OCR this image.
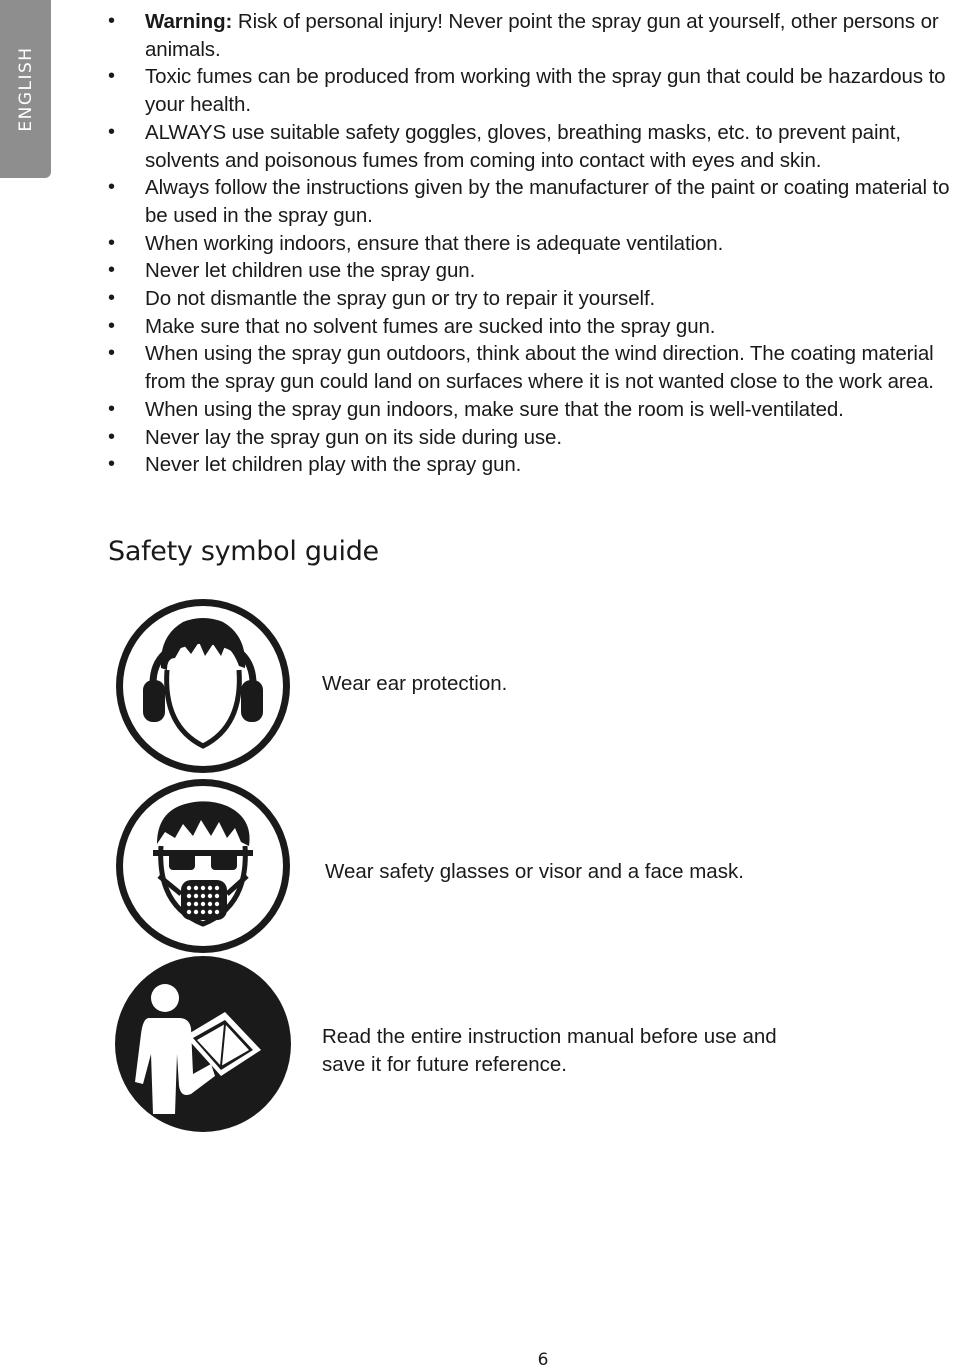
ENGLISH
• Warning: Risk of personal injury! Never point the spray gun at yourself, other persons or animals.
• Toxic fumes can be produced from working with the spray gun that could be hazardous to your health.
• ALWAYS use suitable safety goggles, gloves, breathing masks, etc. to prevent paint, solvents and poisonous fumes from coming into contact with eyes and skin.
• Always follow the instructions given by the manufacturer of the paint or coating material to be used in the spray gun.
• When working indoors, ensure that there is adequate ventilation.
• Never let children use the spray gun.
• Do not dismantle the spray gun or try to repair it yourself.
• Make sure that no solvent fumes are sucked into the spray gun.
• When using the spray gun outdoors, think about the wind direction. The coating material from the spray gun could land on surfaces where it is not wanted close to the work area.
• When using the spray gun indoors, make sure that the room is well-ventilated.
• Never lay the spray gun on its side during use.
• Never let children play with the spray gun.
Safety symbol guide
Wear ear protection.
Wear safety glasses or visor and a face mask.
Read the entire instruction manual before use and
save it for future reference.
6
